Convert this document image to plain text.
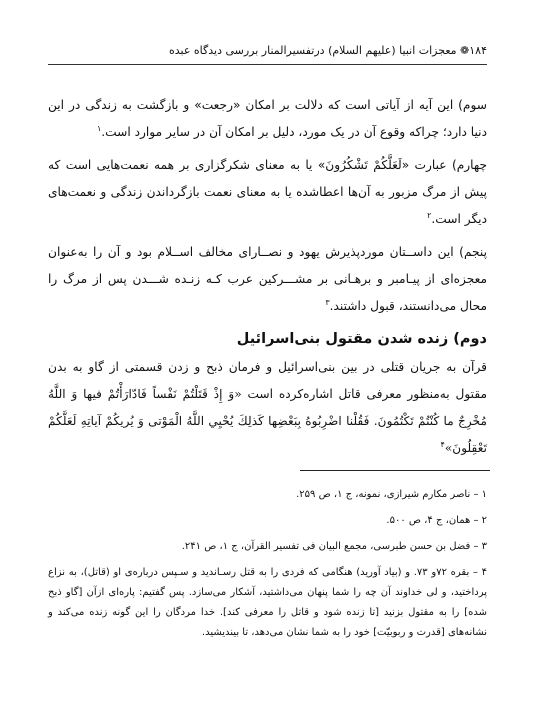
۱۸۴❁ معجزات انبیا (علیهم السلام) درتفسیرالمنار بررسی دیدگاه عبده

سوم) این آیه از آیاتی است که دلالت بر امکان «رجعت» و بازگشت به زندگی در این دنیا دارد؛ چراکه وقوع آن در یک مورد، دلیل بر امکان آن در سایر موارد است.$^۱$

چهارم) عبارت «لَعَلَّكُمْ تَشْكُرُونَ» یا به معنای شکرگزاری بر همه نعمت‌هایی است که پیش از مرگ مزبور به آن‌ها اعطاشده یا به معنای نعمت بازگرداندن زندگی و نعمت‌های دیگر است.$^۲$

پنجم) این داســتان موردپذیرش یهود و نصــارای مخالف اســلام بود و آن را به‌عنوان معجزه‌ای از پیـامبر و برهـانی بر مشـــرکین عرب کـه زنـده شـــدن پس از مرگ را محال می‌دانستند، قبول داشتند.$^۳$

دوم) زنده شدن مقتول بنی‌اسرائیل

قرآن به جریان قتلی در بین بنی‌اسرائیل و فرمان ذبح و زدن قسمتی از گاو به بدن مقتول به‌منظور معرفی قاتل اشاره‌کرده است «وَ إِذْ قَتَلْتُمْ نَفْساً فَادّارَأْتُمْ فيها وَ اللَّهُ مُخْرِجٌ ما كُنْتُمْ تَكْتُمُونَ. فَقُلْنا اضْرِبُوهُ بِبَعْضِها كَذلِكَ يُحْيِي اللَّهُ الْمَوْتى‏ وَ يُريكُمْ آياتِهِ لَعَلَّكُمْ تَعْقِلُونَ»$^۴$

۱ – ناصر مکارم شیرازی، نمونه، ج ۱، ص ۲۵۹.
۲ – همان، ج ۴، ص ۵۰۰.
۳ – فضل بن حسن طبرسی، مجمع البیان فی تفسیر القرآن، ج ۱، ص ۲۴۱.
۴ – بقره ۷۲و ۷۳. و (بیاد آورید) هنگامی که فردی را به قتل رسـاندید و سـپس درباره‌ی او (قاتل)، به نزاع پرداختید، و لی خداوند آن چه را شما پنهان می‌داشتید، آشکار می‌سازد. پس گفتیم: پاره‌ای ازآن [گاو ذبح شده] را به مقتول بزنید [تا زنده شود و قاتل را معرفی کند]. خدا مردگان را این گونه زنده می‌کند و نشانه‌های [قدرت و ربوبیّت] خود را به شما نشان می‌دهد، تا بیندیشید.
